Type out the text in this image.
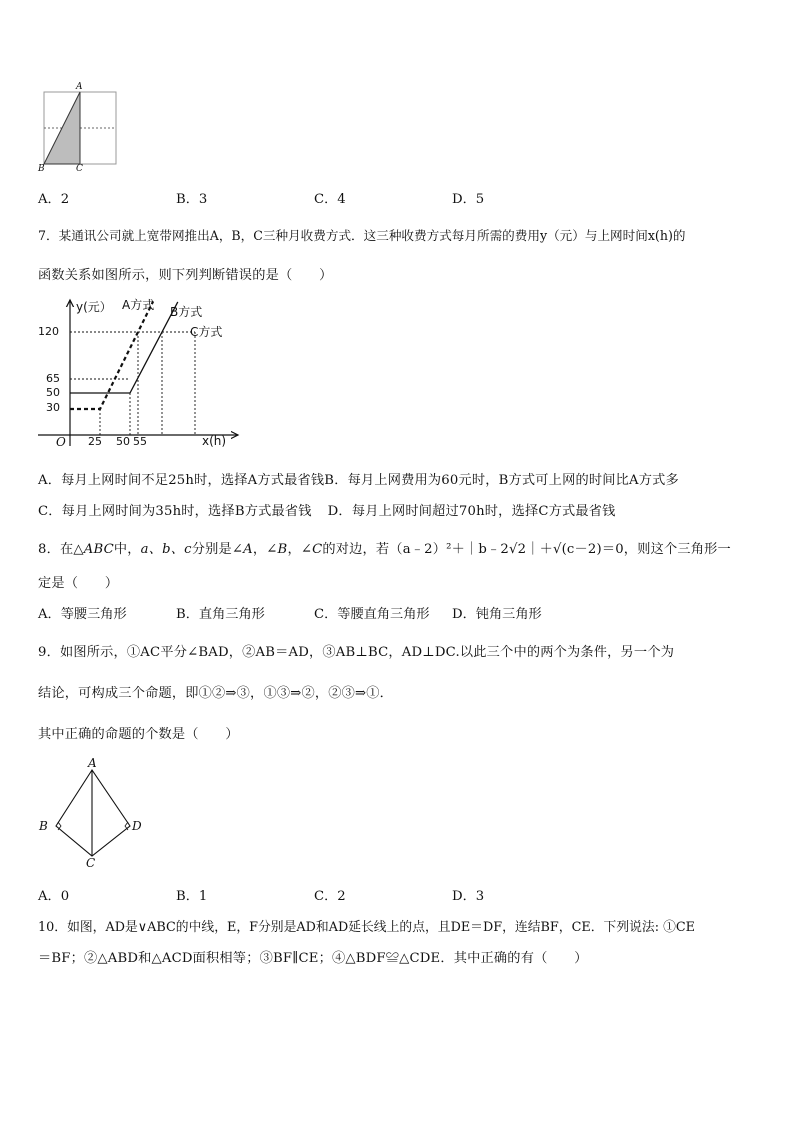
A
B	C
A．2	B．3	C．4	D．5
7．某通讯公司就上宽带网推出A，B，C三种月收费方式．这三种收费方式每月所需的费用y（元）与上网时间x(h)的
函数关系如图所示，则下列判断错误的是（　　）
y(元）
O	x(h)
120
65
50
30
25 50 55
A方式 B方式
C方式
A．每月上网时间不足25h时，选择A方式最省钱B．每月上网费用为60元时，B方式可上网的时间比A方式多
C．每月上网时间为35h时，选择B方式最省钱 D．每月上网时间超过70h时，选择C方式最省钱
8．在△ABC中，a、b、c分别是∠A，∠B，∠C的对边，若（a﹣2）²＋｜b﹣2√2｜＋√(c－2)＝0，则这个三角形一
定是（　　）
A．等腰三角形	B．直角三角形	C．等腰直角三角形 D．钝角三角形
9．如图所示，①AC平分∠BAD，②AB＝AD，③AB⊥BC，AD⊥DC.以此三个中的两个为条件，另一个为
结论，可构成三个命题，即①②⇒③，①③⇒②，②③⇒①．
其中正确的命题的个数是（　　）
A
B
C
D
A．0	B．1	C．2	D．3
10．如图，AD是∨ABC的中线，E，F分别是AD和AD延长线上的点，且DE＝DF，连结BF，CE．下列说法: ①CE
＝BF；②△ABD和△ACD面积相等；③BF∥CE；④△BDF≌△CDE．其中正确的有（　　）
